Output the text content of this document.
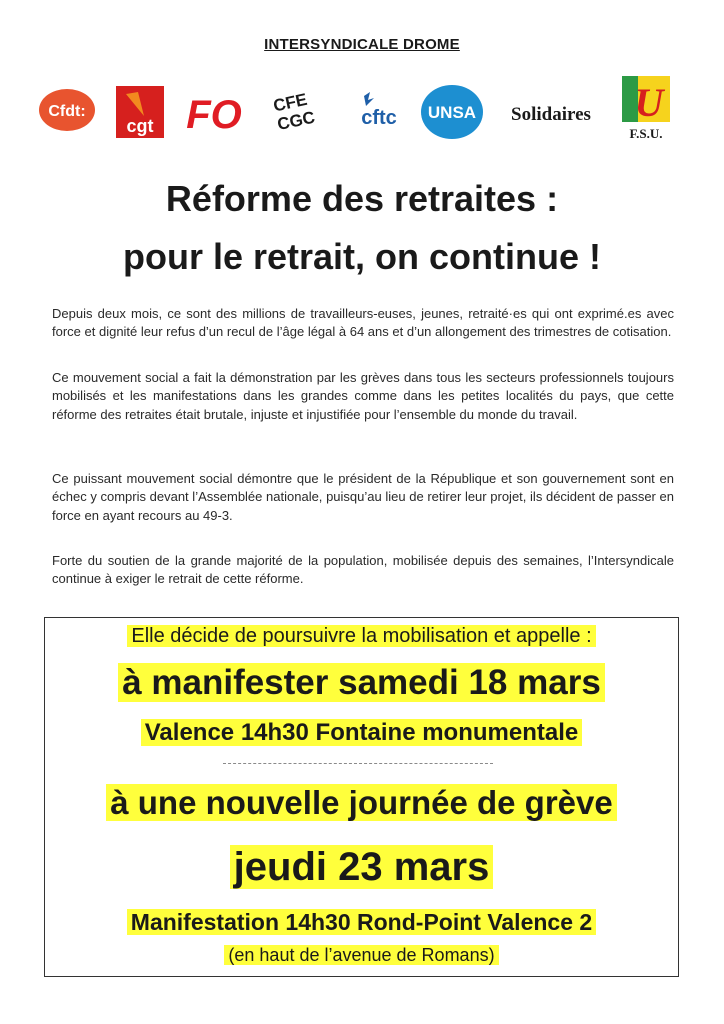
INTERSYNDICALE DROME
Cfdt:
cgt FO CFE
CGC cftc UNSA Solidaires U
F.S.U.
Réforme des retraites :
pour le retrait, on continue !
Depuis deux mois, ce sont des millions de travailleurs-euses, jeunes, retraité·es qui ont exprimé.es avec force et dignité leur refus d’un recul de l’âge légal à 64 ans et d’un allongement des trimestres de cotisation.
Ce mouvement social a fait la démonstration par les grèves dans tous les secteurs professionnels toujours mobilisés et les manifestations dans les grandes comme dans les petites localités du pays, que cette réforme des retraites était brutale, injuste et injustifiée pour l’ensemble du monde du travail.
Ce puissant mouvement social démontre que le président de la République et son gouvernement sont en échec y compris devant l’Assemblée nationale, puisqu’au lieu de retirer leur projet, ils décident de passer en force en ayant recours au 49-3.
Forte du soutien de la grande majorité de la population, mobilisée depuis des semaines, l’Intersyndicale continue à exiger le retrait de cette réforme.
Elle décide de poursuivre la mobilisation et appelle :
à manifester samedi 18 mars
Valence 14h30 Fontaine monumentale
à une nouvelle journée de grève
jeudi 23 mars
Manifestation 14h30 Rond-Point Valence 2
(en haut de l’avenue de Romans)
